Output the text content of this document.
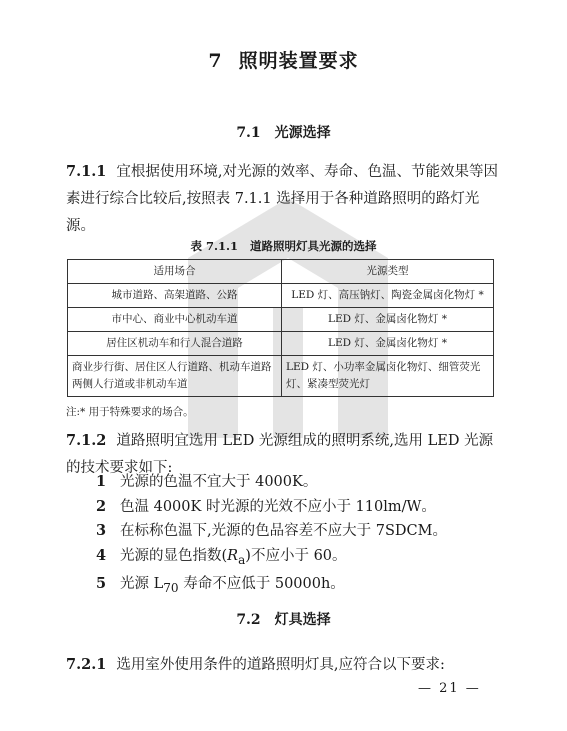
7 照明装置要求
7.1 光源选择

7.1.1 宜根据使用环境,对光源的效率、寿命、色温、节能效果等因素进行综合比较后,按照表 7.1.1 选择用于各种道路照明的路灯光源。

表 7.1.1 道路照明灯具光源的选择
适用场合	光源类型
城市道路、高架道路、公路	LED 灯、高压钠灯、陶瓷金属卤化物灯 *
市中心、商业中心机动车道	LED 灯、金属卤化物灯 *
居住区机动车和行人混合道路	LED 灯、金属卤化物灯 *
商业步行街、居住区人行道路、机动车道路两侧人行道或非机动车道	LED 灯、小功率金属卤化物灯、细管荧光灯、紧凑型荧光灯
注:* 用于特殊要求的场合。

7.1.2 道路照明宜选用 LED 光源组成的照明系统,选用 LED 光源的技术要求如下:

1 光源的色温不宜大于 4000K。
2 色温 4000K 时光源的光效不应小于 110lm/W。
3 在标称色温下,光源的色品容差不应大于 7SDCM。
4 光源的显色指数$(R_a)$不应小于 60。
5 光源 $L_{70}$ 寿命不应低于 50000h。
7.2 灯具选择

7.2.1 选用室外使用条件的道路照明灯具,应符合以下要求:

— 21 —
